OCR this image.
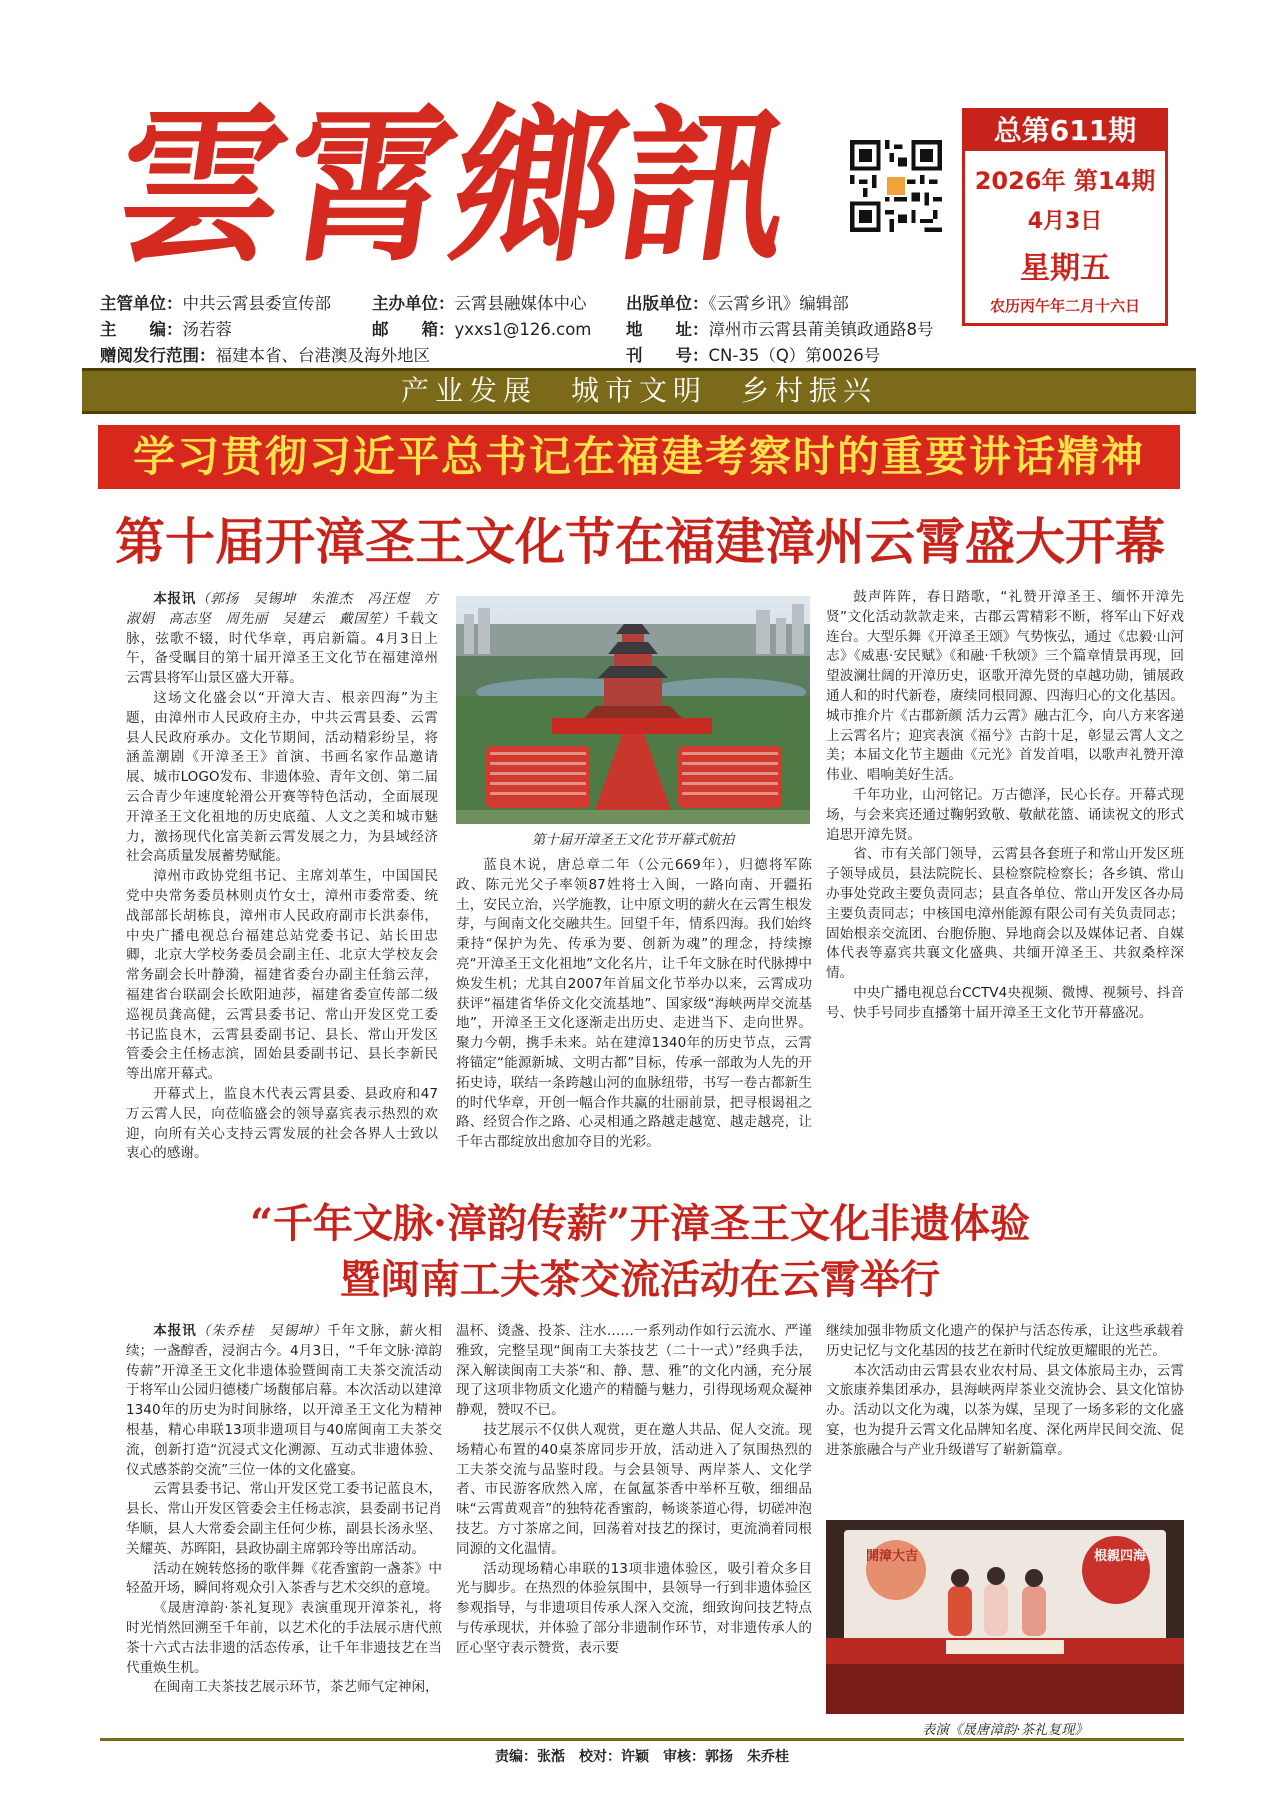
雲
霄
鄉
訊	总第611期
2026年 第14期
4月3日
星期五
农历丙午年二月十六日
主管单位：中共云霄县委宣传部 主办单位：云霄县融媒体中心 出版单位：《云霄乡讯》编辑部
主　　编：汤若蓉	邮　　箱：yxxs1@126.com 地　　址：漳州市云霄县莆美镇政通路8号
赠阅发行范围：福建本省、台港澳及海外地区	刊　　号：CN-35（Q）第0026号
产业发展　城市文明　乡村振兴
学习贯彻习近平总书记在福建考察时的重要讲话精神
第十届开漳圣王文化节在福建漳州云霄盛大开幕

本报讯（郭扬　吴锡坤　朱淮杰　冯汪煜　方淑娟　高志坚　周先丽　吴建云　戴国笙）千载文脉，弦歌不辍，时代华章，再启新篇。4月3日上午，备受瞩目的第十届开漳圣王文化节在福建漳州云霄县将军山景区盛大开幕。

这场文化盛会以“开漳大吉、根亲四海”为主题，由漳州市人民政府主办，中共云霄县委、云霄县人民政府承办。文化节期间，活动精彩纷呈，将涵盖潮剧《开漳圣王》首演、书画名家作品邀请展、城市LOGO发布、非遗体验、青年文创、第二届云合青少年速度轮滑公开赛等特色活动，全面展现开漳圣王文化祖地的历史底蕴、人文之美和城市魅力，激扬现代化富美新云霄发展之力，为县域经济社会高质量发展蓄势赋能。

漳州市政协党组书记、主席刘革生，中国国民党中央常务委员林则贞竹女士，漳州市委常委、统战部部长胡栋良，漳州市人民政府副市长洪泰伟，中央广播电视总台福建总站党委书记、站长田忠卿，北京大学校务委员会副主任、北京大学校友会常务副会长叶静漪，福建省委台办副主任翁云萍，福建省台联副会长欧阳迪莎，福建省委宣传部二级巡视员龚高健，云霄县委书记、常山开发区党工委书记监良木，云霄县委副书记、县长、常山开发区管委会主任杨志滨，固始县委副书记、县长李新民等出席开幕式。

开幕式上，监良木代表云霄县委、县政府和47万云霄人民，向莅临盛会的领导嘉宾表示热烈的欢迎，向所有关心支持云霄发展的社会各界人士致以衷心的感谢。

第十届开漳圣王文化节开幕式航拍

蓝良木说，唐总章二年（公元669年），归德将军陈政、陈元光父子率领87姓将士入闽，一路向南、开疆拓土，安民立治，兴学施教，让中原文明的薪火在云霄生根发芽，与闽南文化交融共生。回望千年，情系四海。我们始终秉持“保护为先、传承为要、创新为魂”的理念，持续擦亮“开漳圣王文化祖地”文化名片，让千年文脉在时代脉搏中焕发生机；尤其自2007年首届文化节举办以来，云霄成功获评“福建省华侨文化交流基地”、国家级“海峡两岸交流基地”，开漳圣王文化逐渐走出历史、走进当下、走向世界。聚力今朝，携手未来。站在建漳1340年的历史节点，云霄将锚定“能源新城、文明古都”目标，传承一部敢为人先的开拓史诗，联结一条跨越山河的血脉纽带，书写一卷古都新生的时代华章，开创一幅合作共赢的壮丽前景，把寻根谒祖之路、经贸合作之路、心灵相通之路越走越宽、越走越亮，让千年古郡绽放出愈加夺目的光彩。

鼓声阵阵，春日踏歌，“礼赞开漳圣王、缅怀开漳先贤”文化活动款款走来，古郡云霄精彩不断，将军山下好戏连台。大型乐舞《开漳圣王颂》气势恢弘，通过《忠毅·山河志》《威惠·安民赋》《和融·千秋颂》三个篇章情景再现，回望波澜壮阔的开漳历史，讴歌开漳先贤的卓越功勋，铺展政通人和的时代新卷，赓续同根同源、四海归心的文化基因。城市推介片《古郡新颜 活力云霄》融古汇今，向八方来客递上云霄名片；迎宾表演《福兮》古韵十足，彰显云霄人文之美；本届文化节主题曲《元光》首发首唱，以歌声礼赞开漳伟业、唱响美好生活。

千年功业，山河铭记。万古德泽，民心长存。开幕式现场，与会来宾还通过鞠躬致敬、敬献花篮、诵读祝文的形式追思开漳先贤。

省、市有关部门领导，云霄县各套班子和常山开发区班子领导成员，县法院院长、县检察院检察长；各乡镇、常山办事处党政主要负责同志；县直各单位、常山开发区各办局主要负责同志；中核国电漳州能源有限公司有关负责同志；固始根亲交流团、台胞侨胞、异地商会以及媒体记者、自媒体代表等嘉宾共襄文化盛典、共缅开漳圣王、共叙桑梓深情。

中央广播电视总台CCTV4央视频、微博、视频号、抖音号、快手号同步直播第十届开漳圣王文化节开幕盛况。

“千年文脉·漳韵传薪”开漳圣王文化非遗体验
暨闽南工夫茶交流活动在云霄举行

本报讯（朱乔桂　吴锡坤）千年文脉，薪火相续；一盏醇香，浸润古今。4月3日，“千年文脉·漳韵传薪”开漳圣王文化非遗体验暨闽南工夫茶交流活动于将军山公园归德楼广场馥郁启幕。本次活动以建漳1340年的历史为时间脉络，以开漳圣王文化为精神根基，精心串联13项非遗项目与40席闽南工夫茶交流，创新打造“沉浸式文化溯源、互动式非遗体验、仪式感茶韵交流”三位一体的文化盛宴。

云霄县委书记、常山开发区党工委书记蓝良木，县长、常山开发区管委会主任杨志滨，县委副书记肖华顺，县人大常委会副主任何少栋，副县长汤永坚、关耀英、苏晖阳，县政协副主席郭玲等出席活动。

活动在婉转悠扬的歌伴舞《花香蜜韵一盏茶》中轻盈开场，瞬间将观众引入茶香与艺术交织的意境。

《晟唐漳韵·茶礼复现》表演重现开漳茶礼，将时光悄然回溯至千年前，以艺术化的手法展示唐代煎茶十六式古法非遗的活态传承，让千年非遗技艺在当代重焕生机。

在闽南工夫茶技艺展示环节，茶艺师气定神闲，

温杯、烫盏、投茶、注水……一系列动作如行云流水、严谨雅致，完整呈现“闽南工夫茶技艺（二十一式）”经典手法，深入解读闽南工夫茶“和、静、慧、雅”的文化内涵，充分展现了这项非物质文化遗产的精髓与魅力，引得现场观众凝神静观，赞叹不已。

技艺展示不仅供人观赏，更在邀人共品、促人交流。现场精心布置的40桌茶席同步开放，活动进入了氛围热烈的工夫茶交流与品鉴时段。与会县领导、两岸茶人、文化学者、市民游客欣然入席，在氤氲茶香中举杯互敬，细细品味“云霄黄观音”的独特花香蜜韵，畅谈茶道心得，切磋冲泡技艺。方寸茶席之间，回荡着对技艺的探讨，更流淌着同根同源的文化温情。

活动现场精心串联的13项非遗体验区，吸引着众多目光与脚步。在热烈的体验氛围中，县领导一行到非遗体验区参观指导，与非遗项目传承人深入交流，细致询问技艺特点与传承现状，并体验了部分非遗制作环节，对非遗传承人的匠心坚守表示赞赏，表示要

继续加强非物质文化遗产的保护与活态传承，让这些承载着历史记忆与文化基因的技艺在新时代绽放更耀眼的光芒。

本次活动由云霄县农业农村局、县文体旅局主办，云霄文旅康养集团承办，县海峡两岸茶业交流协会、县文化馆协办。活动以文化为魂，以茶为媒，呈现了一场多彩的文化盛宴，也为提升云霄文化品牌知名度、深化两岸民间交流、促进茶旅融合与产业升级谱写了崭新篇章。

開漳大吉	根親四海
表演《晟唐漳韵·茶礼复现》
责编：张湉　校对：许颖　审核：郭扬　朱乔桂
